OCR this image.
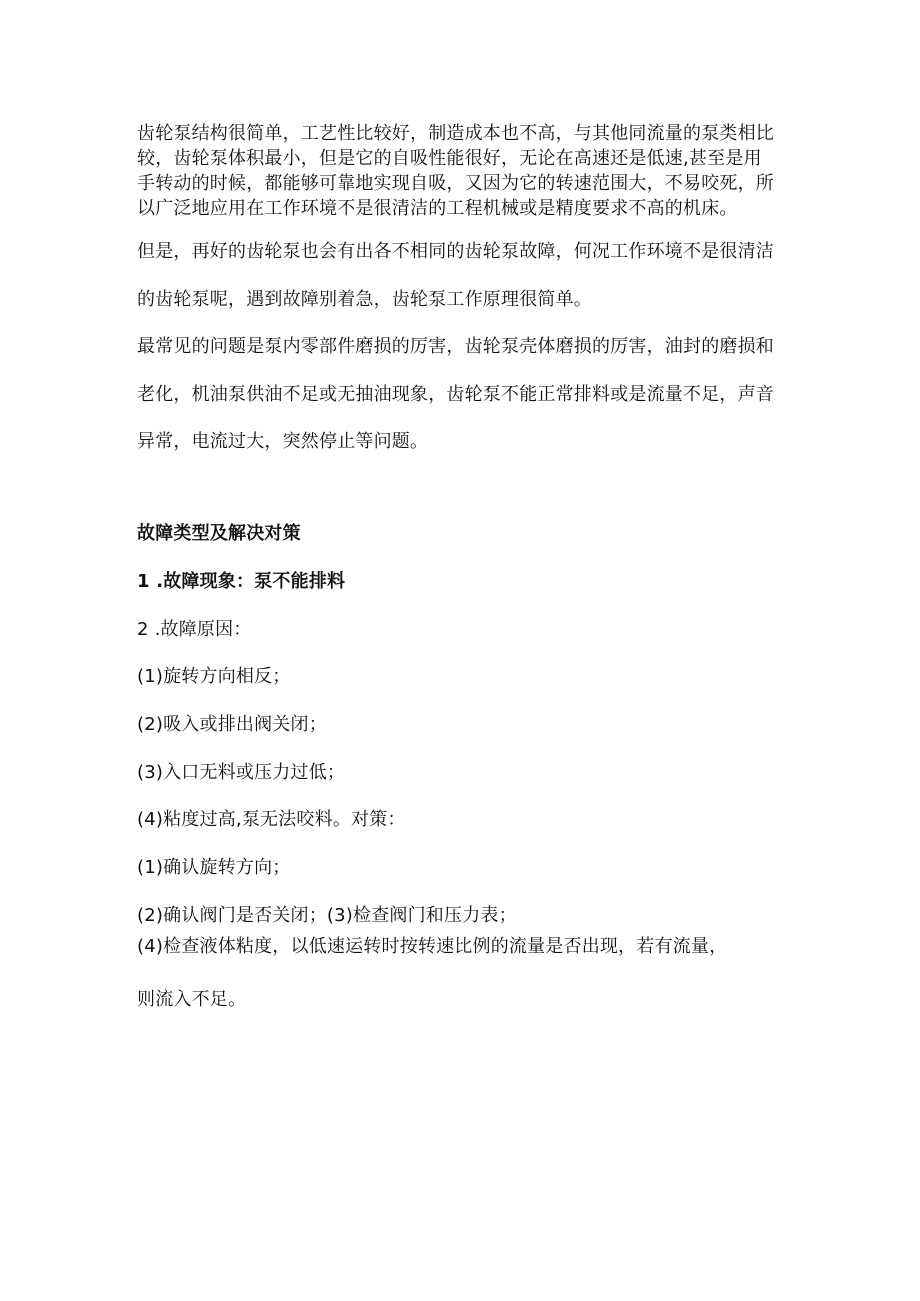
齿轮泵结构很简单，工艺性比较好，制造成本也不高，与其他同流量的泵类相比
较，齿轮泵体积最小，但是它的自吸性能很好，无论在高速还是低速,甚至是用
手转动的时候，都能够可靠地实现自吸，又因为它的转速范围大，不易咬死，所
以广泛地应用在工作环境不是很清洁的工程机械或是精度要求不高的机床。
但是，再好的齿轮泵也会有出各不相同的齿轮泵故障，何况工作环境不是很清洁
的齿轮泵呢，遇到故障别着急，齿轮泵工作原理很简单。
最常见的问题是泵内零部件磨损的厉害，齿轮泵壳体磨损的厉害，油封的磨损和
老化，机油泵供油不足或无抽油现象，齿轮泵不能正常排料或是流量不足，声音
异常，电流过大，突然停止等问题。
故障类型及解决对策
1 .故障现象：泵不能排料
2 .故障原因：
(1)旋转方向相反；
(2)吸入或排出阀关闭；
(3)入口无料或压力过低；
(4)粘度过高,泵无法咬料。对策：
(1)确认旋转方向；
(2)确认阀门是否关闭；(3)检查阀门和压力表；
(4)检查液体粘度，以低速运转时按转速比例的流量是否出现，若有流量，
则流入不足。
